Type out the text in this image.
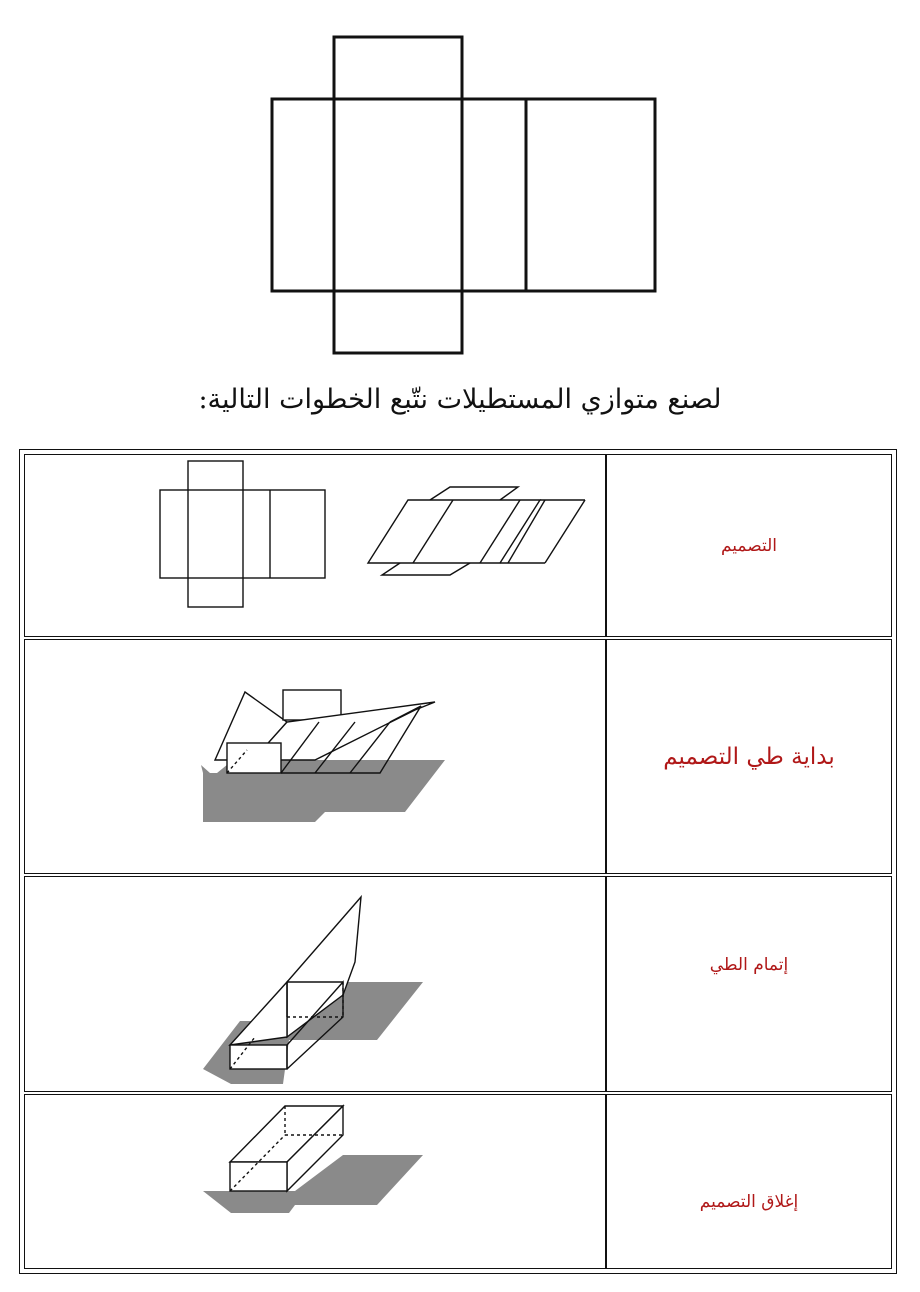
لصنع متوازي المستطيلات نتّبع الخطوات التالية:
التصميم
بداية طي التصميم
إتمام الطي
إغلاق التصميم
